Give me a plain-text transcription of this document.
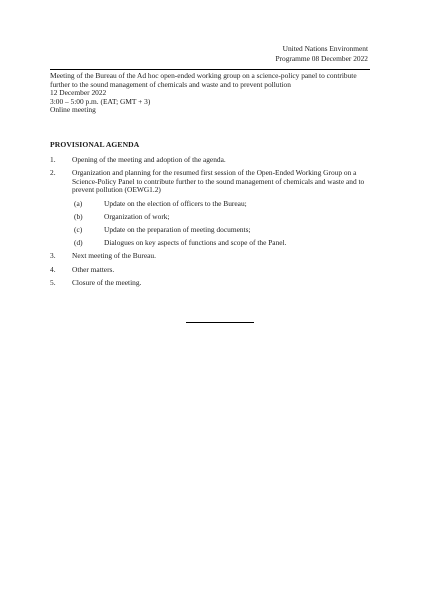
United Nations Environment
Programme 08 December 2022
Meeting of the Bureau of the Ad hoc open-ended working group on a science-policy panel to contribute further to the sound management of chemicals and waste and to prevent pollution
12 December 2022
3:00 – 5:00 p.m. (EAT; GMT + 3)
Online meeting
PROVISIONAL AGENDA
1. Opening of the meeting and adoption of the agenda.
2. Organization and planning for the resumed first session of the Open-Ended Working Group on a Science-Policy Panel to contribute further to the sound management of chemicals and waste and to prevent pollution (OEWG1.2)
(a)	Update on the election of officers to the Bureau;
(b)	Organization of work;
(c)	Update on the preparation of meeting documents;
(d)	Dialogues on key aspects of functions and scope of the Panel.
3. Next meeting of the Bureau.
4. Other matters.
5. Closure of the meeting.
